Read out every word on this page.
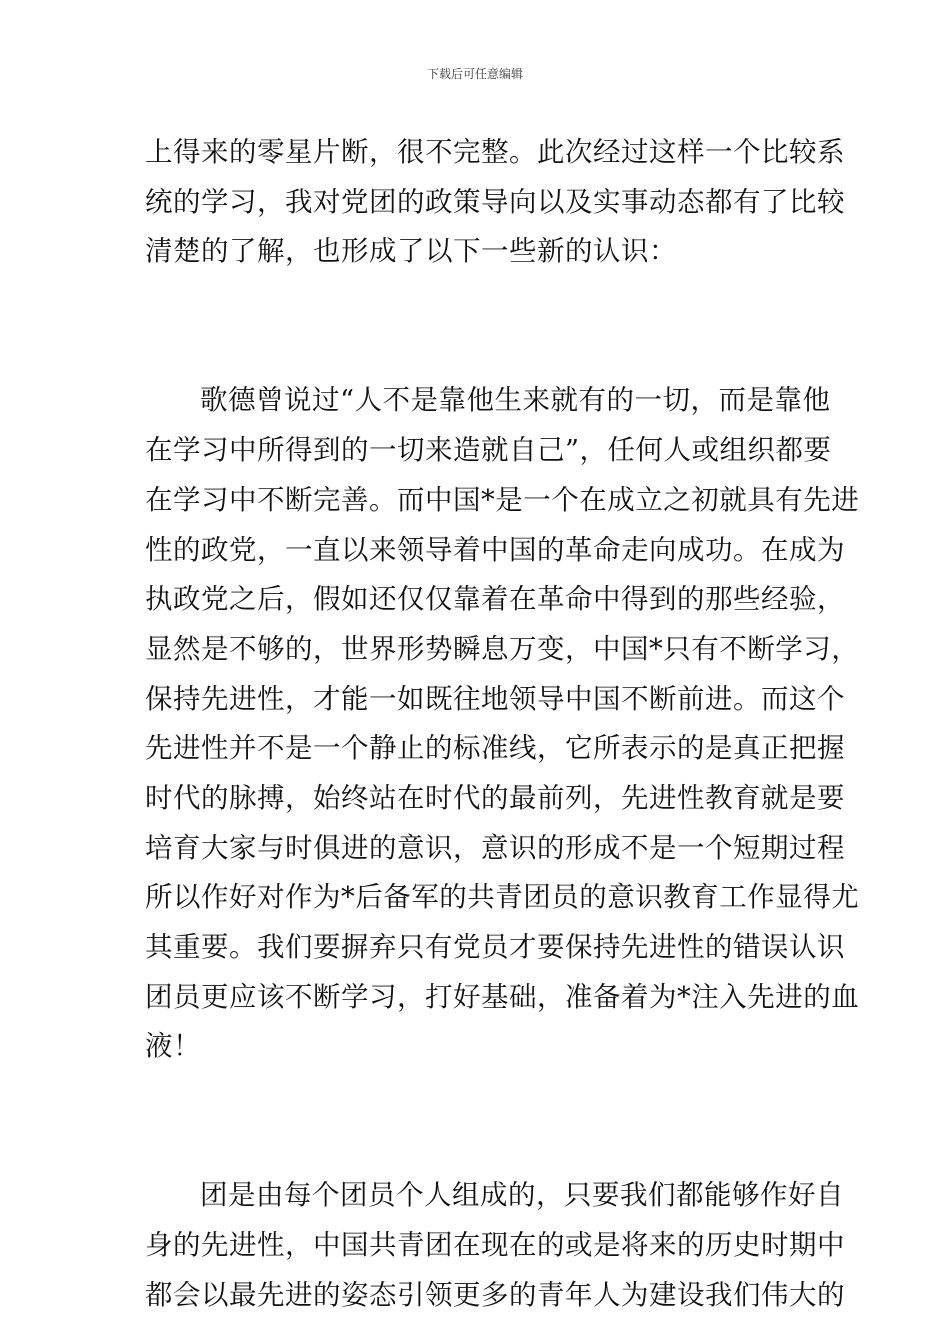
下载后可任意编辑
上得来的零星片断，很不完整。此次经过这样一个比较系
统的学习，我对党团的政策导向以及实事动态都有了比较
清楚的了解，也形成了以下一些新的认识：
歌德曾说过“人不是靠他生来就有的一切，而是靠他
在学习中所得到的一切来造就自己”，任何人或组织都要
在学习中不断完善。而中国*是一个在成立之初就具有先进
性的政党，一直以来领导着中国的革命走向成功。在成为
执政党之后，假如还仅仅靠着在革命中得到的那些经验，
显然是不够的，世界形势瞬息万变，中国*只有不断学习，
保持先进性，才能一如既往地领导中国不断前进。而这个
先进性并不是一个静止的标准线，它所表示的是真正把握
时代的脉搏，始终站在时代的最前列，先进性教育就是要
培育大家与时俱进的意识，意识的形成不是一个短期过程
所以作好对作为*后备军的共青团员的意识教育工作显得尤
其重要。我们要摒弃只有党员才要保持先进性的错误认识
团员更应该不断学习，打好基础，准备着为*注入先进的血
液！
团是由每个团员个人组成的，只要我们都能够作好自
身的先进性，中国共青团在现在的或是将来的历史时期中
都会以最先进的姿态引领更多的青年人为建设我们伟大的
